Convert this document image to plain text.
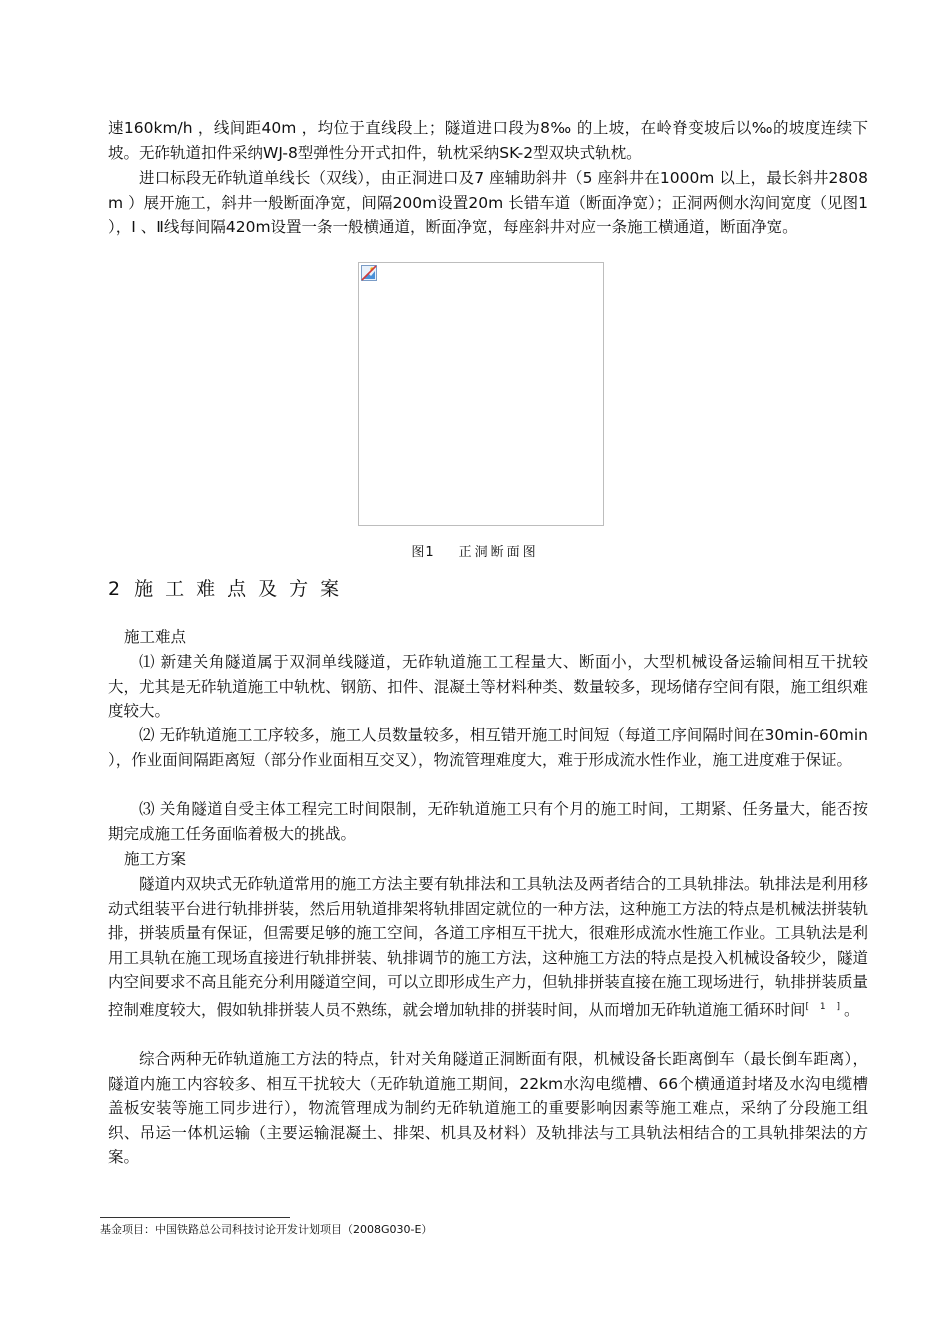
速160km/h ，线间距40m ，均位于直线段上；隧道进口段为8‰ 的上坡，在岭脊变坡后以‰的坡度连续下坡。无砟轨道扣件采纳WJ-8型弹性分开式扣件，轨枕采纳SK-2型双块式轨枕。

进口标段无砟轨道单线长（双线），由正洞进口及7 座辅助斜井（5 座斜井在1000m 以上，最长斜井2808m ）展开施工，斜井一般断面净宽，间隔200m设置20m 长错车道（断面净宽）；正洞两侧水沟间宽度（见图1 ），Ⅰ 、Ⅱ线每间隔420m设置一条一般横通道，断面净宽，每座斜井对应一条施工横通道，断面净宽。

图1 正洞断面图
2 施工难点及方案

施工难点

⑴ 新建关角隧道属于双洞单线隧道，无砟轨道施工工程量大、断面小，大型机械设备运输间相互干扰较大，尤其是无砟轨道施工中轨枕、钢筋、扣件、混凝土等材料种类、数量较多，现场储存空间有限，施工组织难度较大。

⑵ 无砟轨道施工工序较多，施工人员数量较多，相互错开施工时间短（每道工序间隔时间在30min-60min ），作业面间隔距离短（部分作业面相互交叉），物流管理难度大，难于形成流水性作业，施工进度难于保证。

⑶ 关角隧道自受主体工程完工时间限制，无砟轨道施工只有个月的施工时间，工期紧、任务量大，能否按期完成施工任务面临着极大的挑战。

施工方案

隧道内双块式无砟轨道常用的施工方法主要有轨排法和工具轨法及两者结合的工具轨排法。轨排法是利用移动式组装平台进行轨排拼装，然后用轨道排架将轨排固定就位的一种方法，这种施工方法的特点是机械法拼装轨排，拼装质量有保证，但需要足够的施工空间，各道工序相互干扰大，很难形成流水性施工作业。工具轨法是利用工具轨在施工现场直接进行轨排拼装、轨排调节的施工方法，这种施工方法的特点是投入机械设备较少，隧道内空间要求不高且能充分利用隧道空间，可以立即形成生产力，但轨排拼装直接在施工现场进行，轨排拼装质量控制难度较大，假如轨排拼装人员不熟练，就会增加轨排的拼装时间，从而增加无砟轨道施工循环时间[ 1 ]。

综合两种无砟轨道施工方法的特点，针对关角隧道正洞断面有限，机械设备长距离倒车（最长倒车距离），隧道内施工内容较多、相互干扰较大（无砟轨道施工期间，22km水沟电缆槽、66个横通道封堵及水沟电缆槽盖板安装等施工同步进行），物流管理成为制约无砟轨道施工的重要影响因素等施工难点，采纳了分段施工组织、吊运一体机运输（主要运输混凝土、排架、机具及材料）及轨排法与工具轨法相结合的工具轨排架法的方案。

基金项目：中国铁路总公司科技讨论开发计划项目（2008G030-E）
